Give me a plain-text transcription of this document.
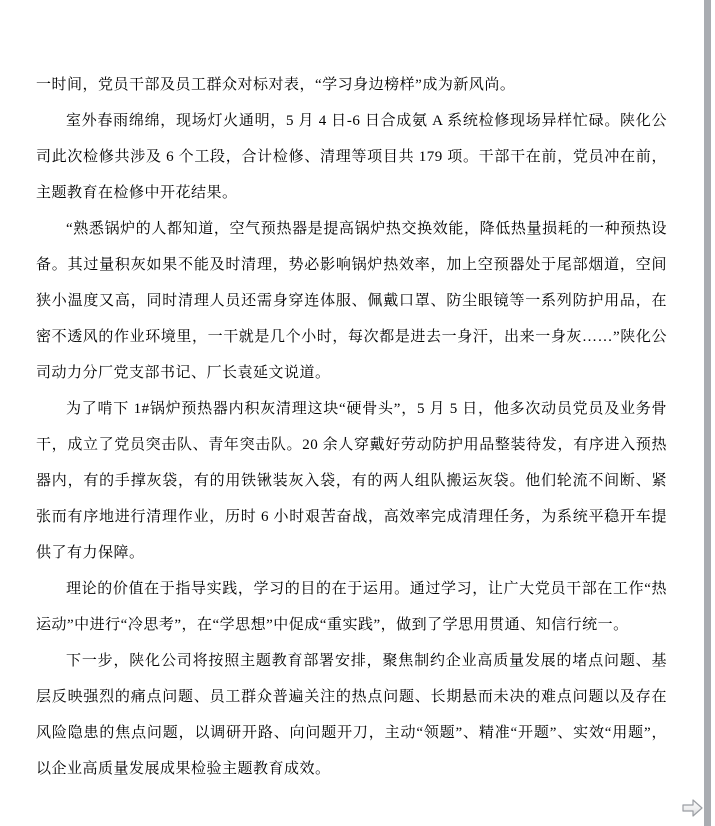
一时间，党员干部及员工群众对标对表，“学习身边榜样”成为新风尚。

室外春雨绵绵，现场灯火通明，5 月 4 日-6 日合成氨 A 系统检修现场异样忙碌。陕化公司此次检修共涉及 6 个工段，合计检修、清理等项目共 179 项。干部干在前，党员冲在前，主题教育在检修中开花结果。

“熟悉锅炉的人都知道，空气预热器是提高锅炉热交换效能，降低热量损耗的一种预热设备。其过量积灰如果不能及时清理，势必影响锅炉热效率，加上空预器处于尾部烟道，空间狭小温度又高，同时清理人员还需身穿连体服、佩戴口罩、防尘眼镜等一系列防护用品，在密不透风的作业环境里，一干就是几个小时，每次都是进去一身汗，出来一身灰……”陕化公司动力分厂党支部书记、厂长袁延文说道。

为了啃下 1#锅炉预热器内积灰清理这块“硬骨头”，5 月 5 日，他多次动员党员及业务骨干，成立了党员突击队、青年突击队。20 余人穿戴好劳动防护用品整装待发，有序进入预热器内，有的手撑灰袋，有的用铁锹装灰入袋，有的两人组队搬运灰袋。他们轮流不间断、紧张而有序地进行清理作业，历时 6 小时艰苦奋战，高效率完成清理任务，为系统平稳开车提供了有力保障。

理论的价值在于指导实践，学习的目的在于运用。通过学习，让广大党员干部在工作“热运动”中进行“冷思考”，在“学思想”中促成“重实践”，做到了学思用贯通、知信行统一。

下一步，陕化公司将按照主题教育部署安排，聚焦制约企业高质量发展的堵点问题、基层反映强烈的痛点问题、员工群众普遍关注的热点问题、长期悬而未决的难点问题以及存在风险隐患的焦点问题，以调研开路、向问题开刀，主动“领题”、精准“开题”、实效“用题”，以企业高质量发展成果检验主题教育成效。
